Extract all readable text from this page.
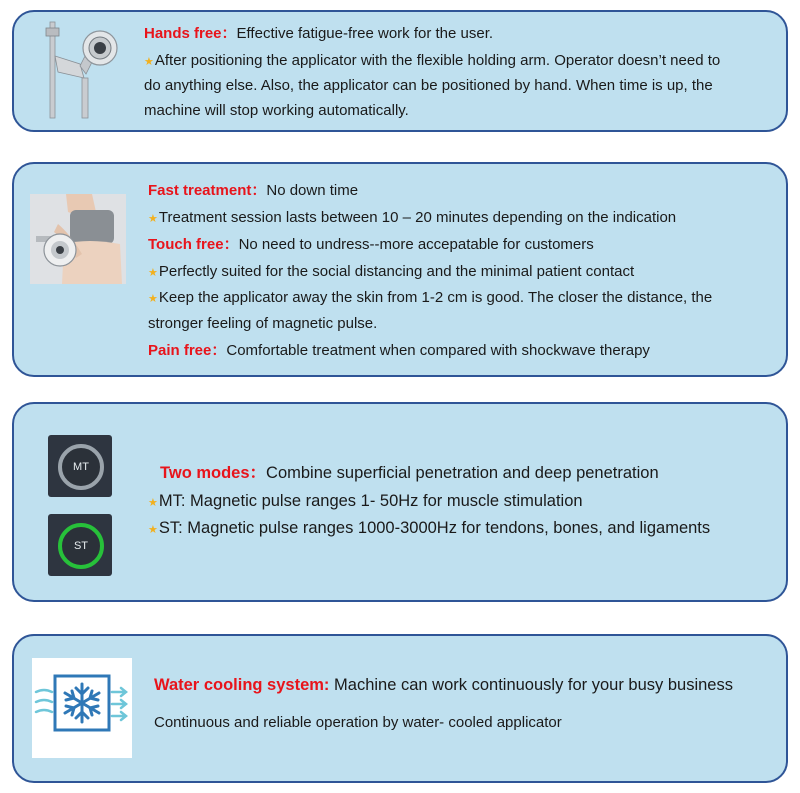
Hands free：Effective fatigue-free work for the user.
★After positioning the applicator with the flexible holding arm. Operator doesn’t need to
do anything else. Also, the applicator can be positioned by hand. When time is up, the
machine will stop working automatically.
Fast treatment：No down time
★Treatment session lasts between 10 – 20 minutes depending on the indication
Touch free：No need to undress--more accepatable for customers
★Perfectly suited for the social distancing and the minimal patient contact
★Keep the applicator away the skin from 1-2 cm is good. The closer the distance, the
stronger feeling of magnetic pulse.
Pain free：Comfortable treatment when compared with shockwave therapy
MT
ST
Two modes：Combine superficial penetration and deep penetration
★MT: Magnetic pulse ranges 1- 50Hz for muscle stimulation
★ST: Magnetic pulse ranges 1000-3000Hz for tendons, bones, and ligaments
Water cooling system: Machine can work continuously for your busy business
Continuous and reliable operation by water- cooled applicator
